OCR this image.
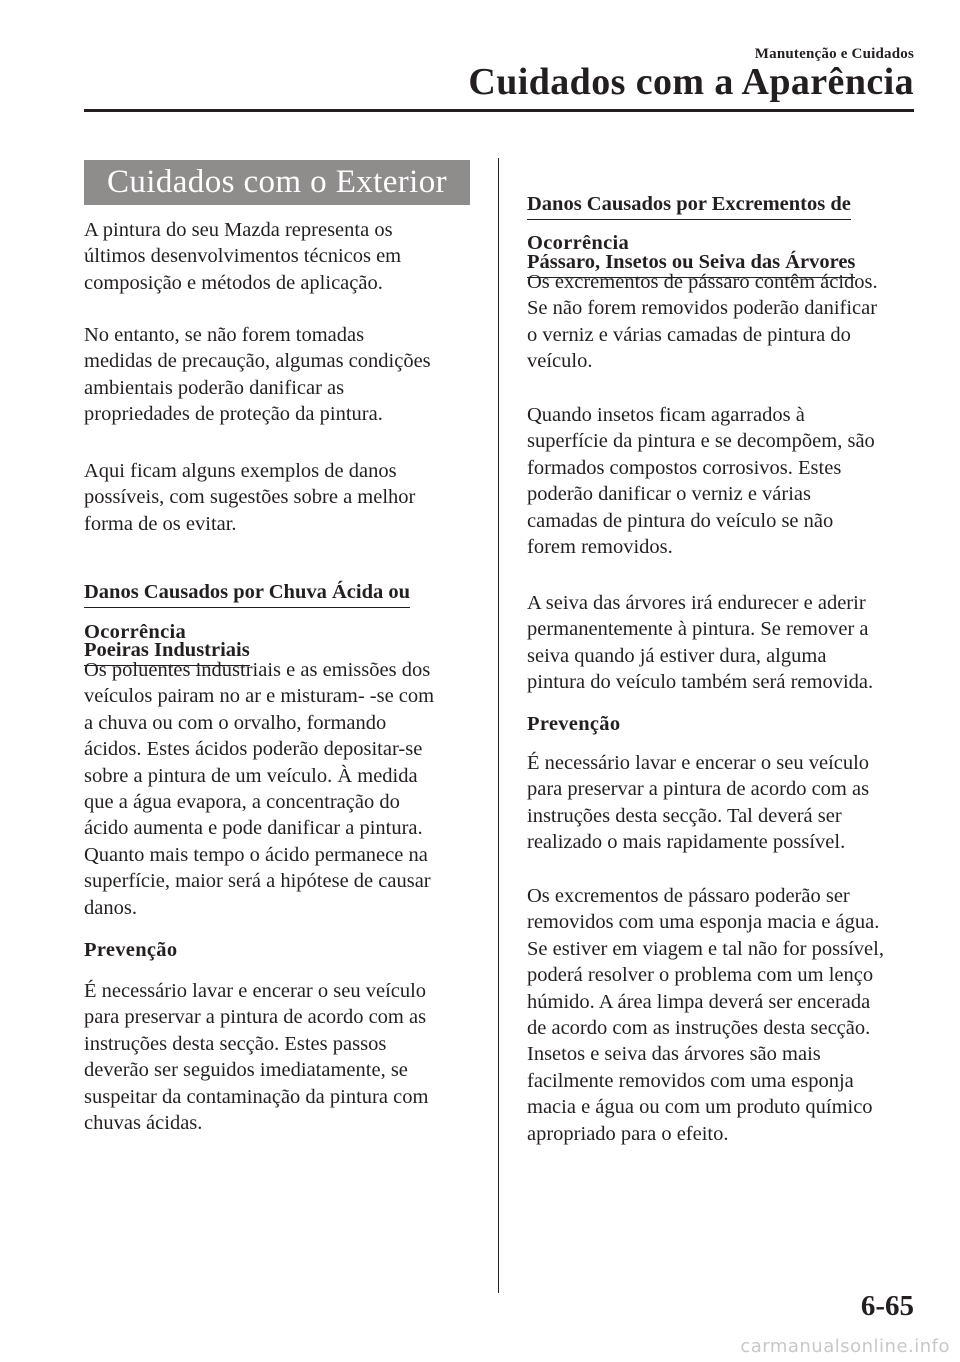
Manutenção e Cuidados
Cuidados com a Aparência
Cuidados com o Exterior

A pintura do seu Mazda representa os
últimos desenvolvimentos técnicos em
composição e métodos de aplicação.

No entanto, se não forem tomadas
medidas de precaução, algumas condições
ambientais poderão danificar as
propriedades de proteção da pintura.

Aqui ficam alguns exemplos de danos
possíveis, com sugestões sobre a melhor
forma de os evitar.

Danos Causados por Chuva Ácida ou

Poeiras Industriais

Ocorrência

Os poluentes industriais e as emissões dos
veículos pairam no ar e misturam- -se com
a chuva ou com o orvalho, formando
ácidos. Estes ácidos poderão depositar-se
sobre a pintura de um veículo. À medida
que a água evapora, a concentração do
ácido aumenta e pode danificar a pintura.
Quanto mais tempo o ácido permanece na
superfície, maior será a hipótese de causar
danos.

Prevenção

É necessário lavar e encerar o seu veículo
para preservar a pintura de acordo com as
instruções desta secção. Estes passos
deverão ser seguidos imediatamente, se
suspeitar da contaminação da pintura com
chuvas ácidas.

Danos Causados por Excrementos de

Pássaro, Insetos ou Seiva das Árvores

Ocorrência

Os excrementos de pássaro contêm ácidos.
Se não forem removidos poderão danificar
o verniz e várias camadas de pintura do
veículo.

Quando insetos ficam agarrados à
superfície da pintura e se decompõem, são
formados compostos corrosivos. Estes
poderão danificar o verniz e várias
camadas de pintura do veículo se não
forem removidos.

A seiva das árvores irá endurecer e aderir
permanentemente à pintura. Se remover a
seiva quando já estiver dura, alguma
pintura do veículo também será removida.

Prevenção

É necessário lavar e encerar o seu veículo
para preservar a pintura de acordo com as
instruções desta secção. Tal deverá ser
realizado o mais rapidamente possível.

Os excrementos de pássaro poderão ser
removidos com uma esponja macia e água.
Se estiver em viagem e tal não for possível,
poderá resolver o problema com um lenço
húmido. A área limpa deverá ser encerada
de acordo com as instruções desta secção.
Insetos e seiva das árvores são mais
facilmente removidos com uma esponja
macia e água ou com um produto químico
apropriado para o efeito.

6-65
carmanualsonline.info
